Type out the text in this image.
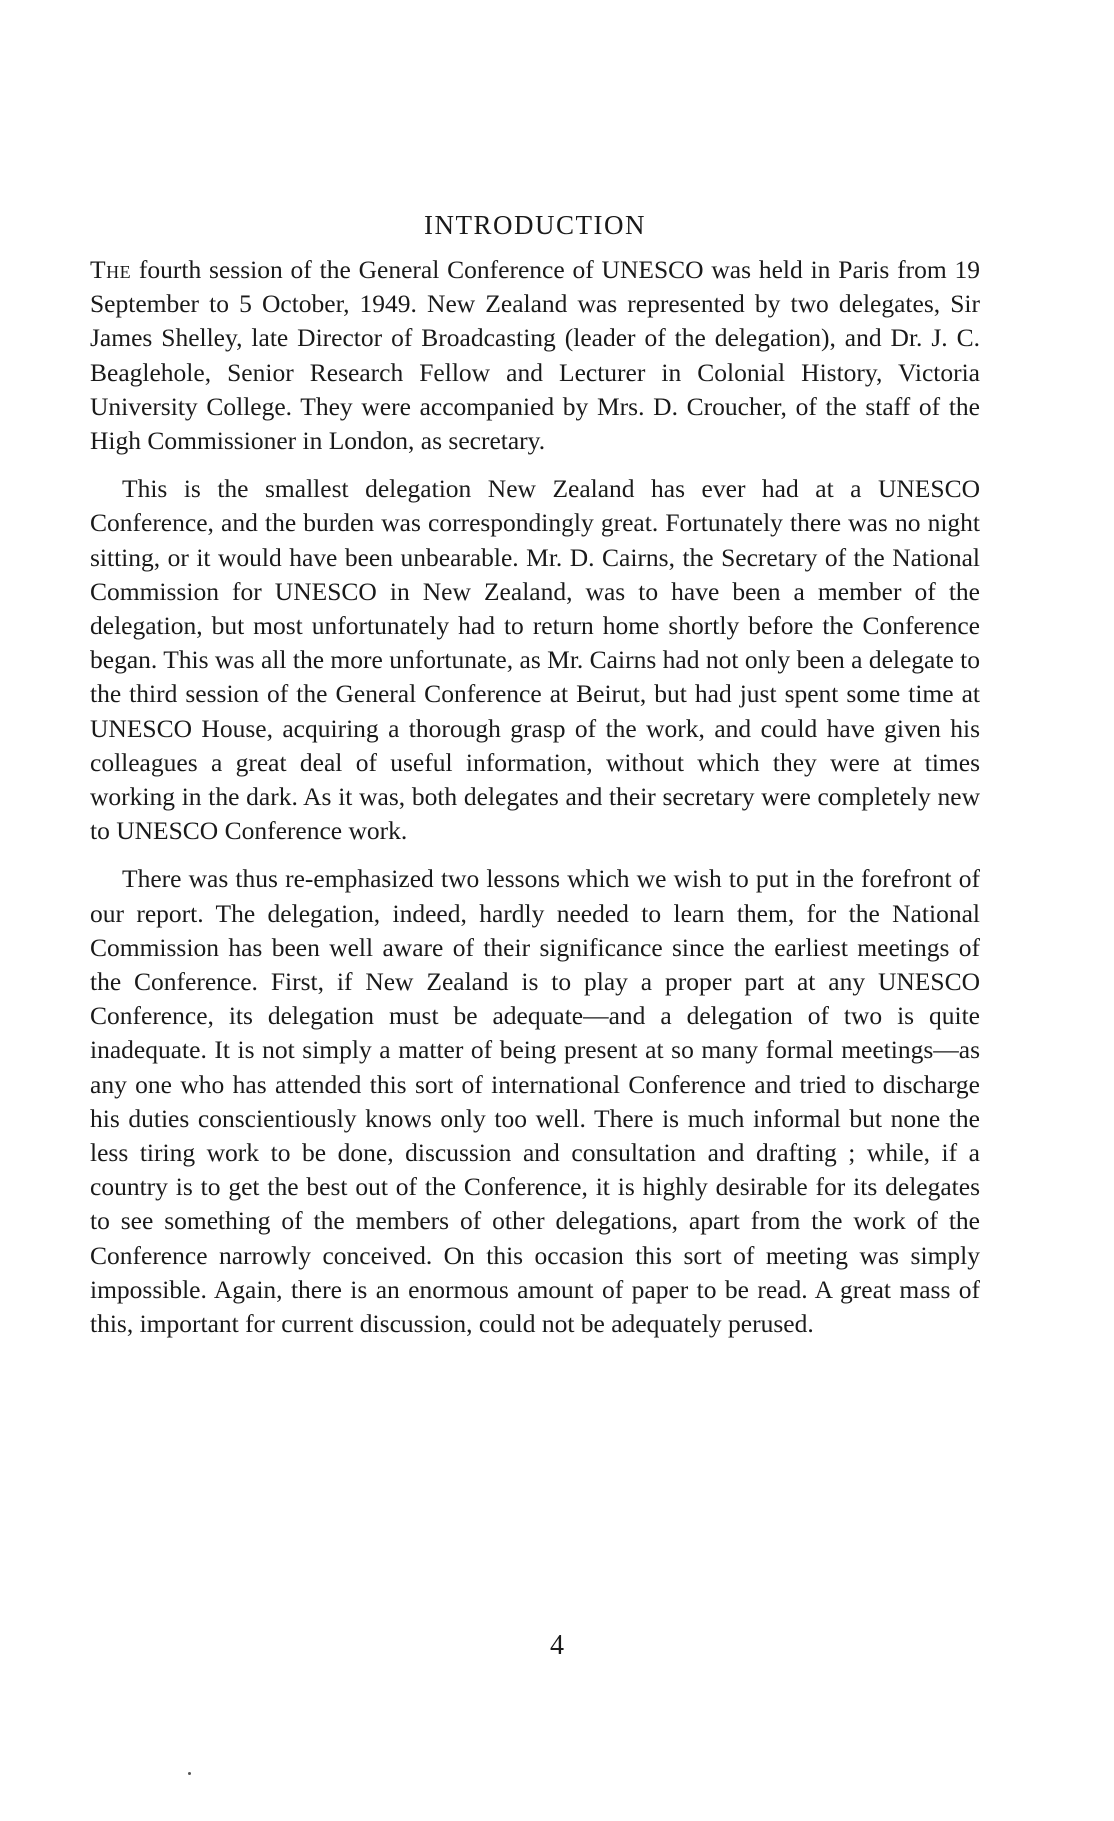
INTRODUCTION

The fourth session of the General Conference of UNESCO was held in Paris from 19 September to 5 October, 1949. New Zealand was represented by two delegates, Sir James Shelley, late Director of Broadcasting (leader of the delegation), and Dr. J. C. Beaglehole, Senior Research Fellow and Lecturer in Colonial History, Victoria University College. They were accompanied by Mrs. D. Croucher, of the staff of the High Commissioner in London, as secretary.

This is the smallest delegation New Zealand has ever had at a UNESCO Conference, and the burden was correspondingly great. Fortunately there was no night sitting, or it would have been unbearable. Mr. D. Cairns, the Secretary of the National Commission for UNESCO in New Zealand, was to have been a member of the delegation, but most unfortunately had to return home shortly before the Conference began. This was all the more unfortunate, as Mr. Cairns had not only been a delegate to the third session of the General Conference at Beirut, but had just spent some time at UNESCO House, acquiring a thorough grasp of the work, and could have given his colleagues a great deal of useful information, without which they were at times working in the dark. As it was, both delegates and their secretary were completely new to UNESCO Conference work.

There was thus re-emphasized two lessons which we wish to put in the forefront of our report. The delegation, indeed, hardly needed to learn them, for the National Commission has been well aware of their significance since the earliest meetings of the Conference. First, if New Zealand is to play a proper part at any UNESCO Conference, its delegation must be adequate—and a delegation of two is quite inadequate. It is not simply a matter of being present at so many formal meetings—as any one who has attended this sort of international Conference and tried to discharge his duties conscientiously knows only too well. There is much informal but none the less tiring work to be done, discussion and consultation and drafting ; while, if a country is to get the best out of the Conference, it is highly desirable for its delegates to see something of the members of other delegations, apart from the work of the Conference narrowly conceived. On this occasion this sort of meeting was simply impossible. Again, there is an enormous amount of paper to be read. A great mass of this, important for current discussion, could not be adequately perused.

4
